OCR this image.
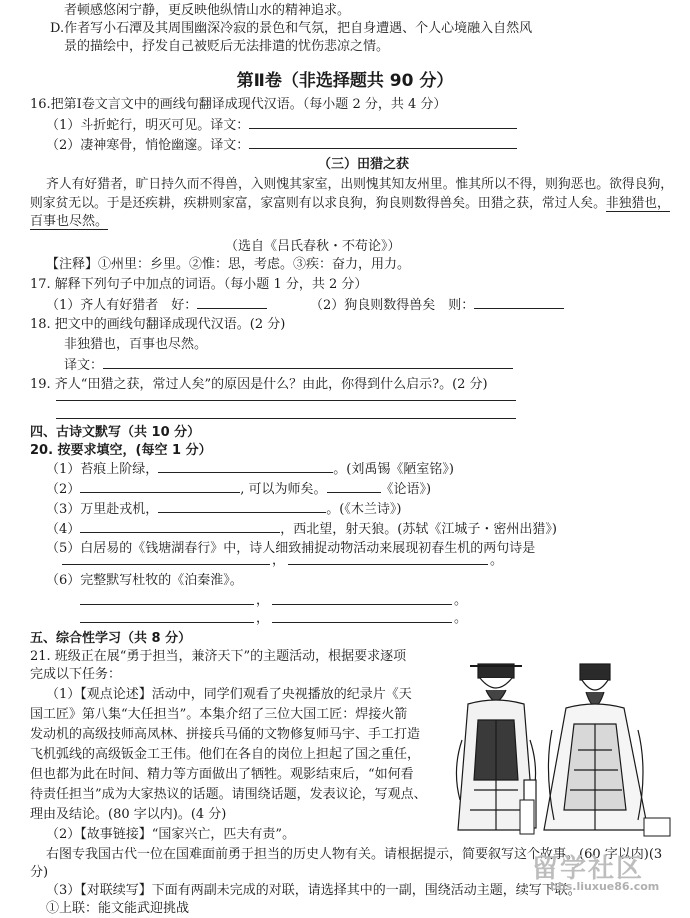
者顿感悠闲宁静，更反映他纵情山水的精神追求。
D.作者写小石潭及其周围幽深冷寂的景色和气氛，把自身遭遇、个人心境融入自然风
景的描绘中，抒发自己被贬后无法排遣的忧伤悲凉之情。
第Ⅱ卷（非选择题共 90 分）
16.把第Ⅰ卷文言文中的画线句翻译成现代汉语。（每小题 2 分，共 4 分）
（1）斗折蛇行，明灭可见。译文：
（2）凄神寒骨，悄怆幽邃。译文：
（三）田猎之获
齐人有好猎者，旷日持久而不得兽，入则愧其家室，出则愧其知友州里。惟其所以不得，则狗恶也。欲得良狗，
则家贫无以。于是还疾耕，疾耕则家富，家富则有以求良狗，狗良则数得兽矣。田猎之获，常过人矣。非独猎也，
百事也尽然。
（选自《吕氏春秋・不苟论》）
【注释】①州里：乡里。②惟：思，考虑。③疾：奋力，用力。
17. 解释下列句子中加点的词语。（每小题 1 分，共 2 分）
（1）齐人有好猎者　好：	（2）狗良则数得兽矣　则：
18. 把文中的画线句翻译成现代汉语。(2 分)
非独猎也，百事也尽然。
译文：
19. 齐人“田猎之获，常过人矣”的原因是什么？由此，你得到什么启示?。(2 分)
四、古诗文默写（共 10 分）
20. 按要求填空，(每空 1 分）
（1）苔痕上阶绿，	。(刘禹锡《陋室铭》)
（2）	, 可以为师矣。	《论语》)
（3）万里赴戎机，	。(《木兰诗》)
（4）	，西北望，射天狼。(苏轼《江城子・密州出猎》)
（5）白居易的《钱塘湖春行》中，诗人细致捕捉动物活动来展现初春生机的两句诗是
，	。
（6）完整默写杜牧的《泊秦淮》。
，	。
，	。
五、综合性学习（共 8 分）
21. 班级正在展“勇于担当，兼济天下”的主题活动，根据要求逐项
完成以下任务：
（1）【观点论述】活动中，同学们观看了央视播放的纪录片《天
国工匠》第八集“大任担当”。本集介绍了三位大国工匠：焊接火箭
发动机的高级技师高凤林、拼接兵马俑的文物修复师马宇、手工打造
飞机弧线的高级钣金工王伟。他们在各自的岗位上担起了国之重任，
但也都为此在时间、精力等方面做出了牺牲。观影结束后，“如何看
待责任担当”成为大家热议的话题。请围绕话题，发表议论，写观点、
理由及结论。(80 字以内)。(4 分)
（2）【故事链接】“国家兴亡，匹夫有责”。
右图专我国古代一位在国难面前勇于担当的历史人物有关。请根据提示，简要叙写这个故事。(60 字以内)(3
分)
（3）【对联续写】下面有两副未完成的对联，请选择其中的一副，围绕活动主题，续写下联。
①上联：能文能武迎挑战
留学社区
bbs.liuxue86.com
